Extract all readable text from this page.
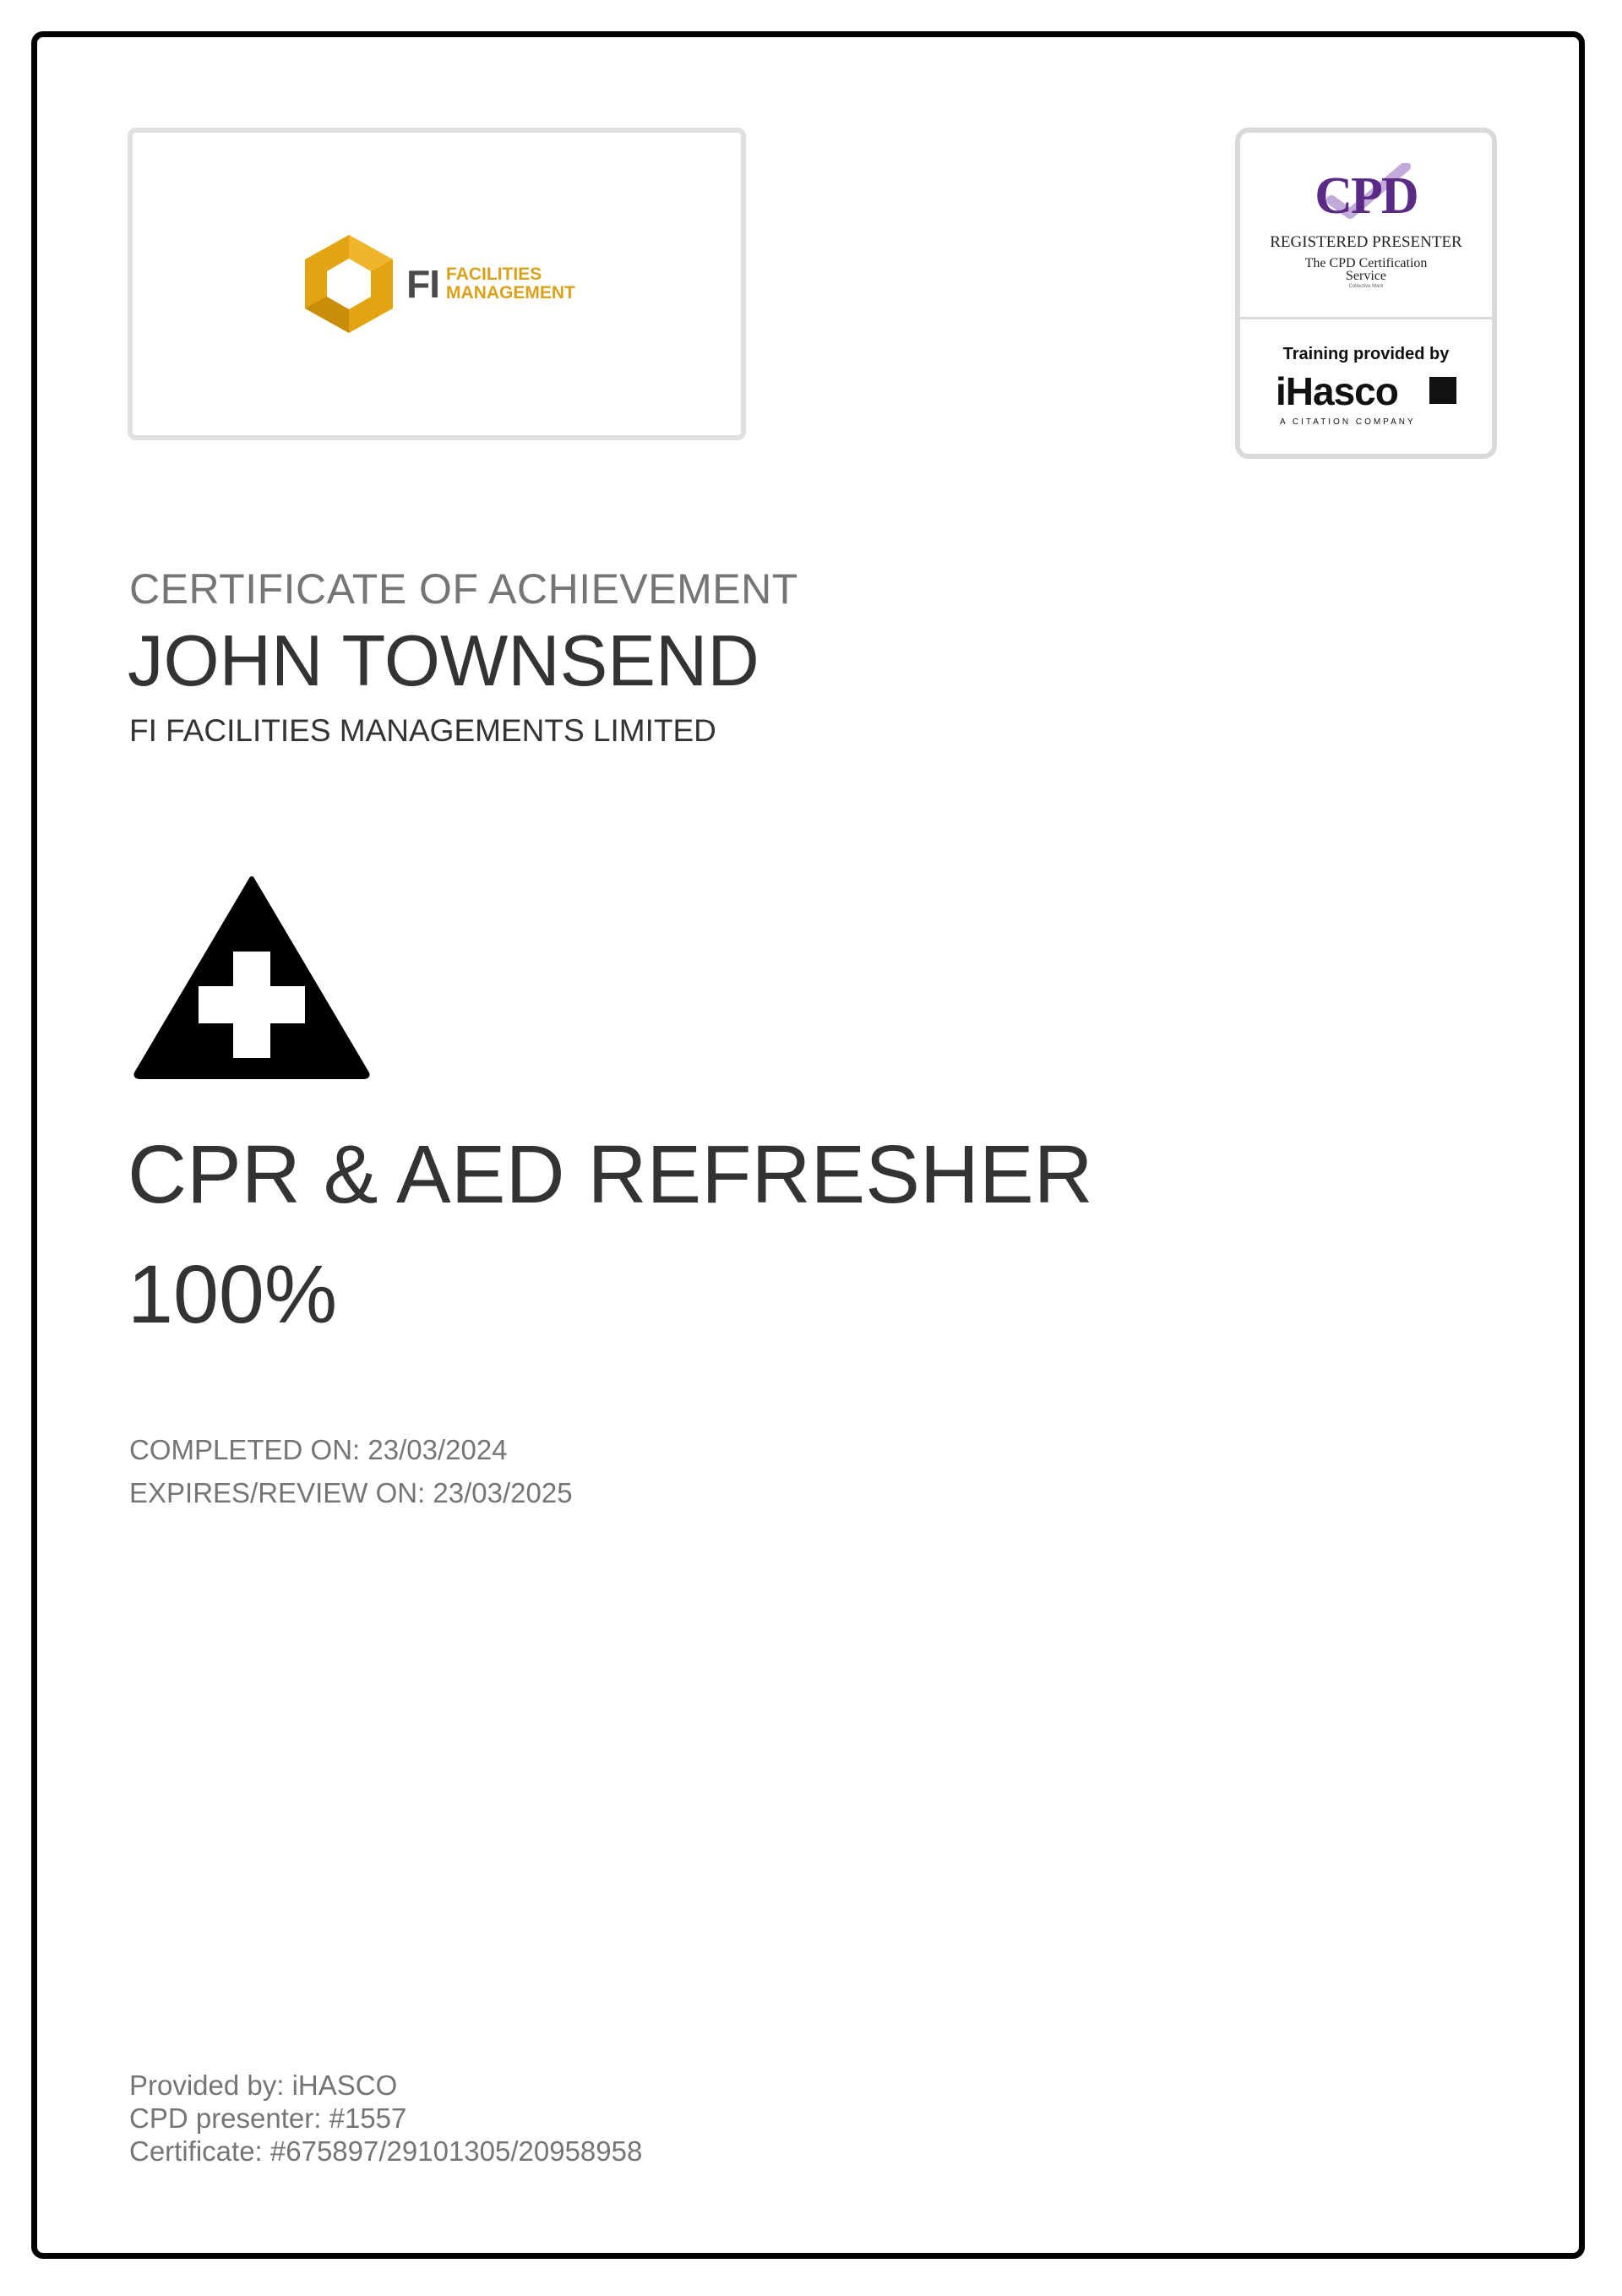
FI FACILITIES
MANAGEMENT
CPD
REGISTERED PRESENTER
The CPD Certification
Service
Collective Mark
Training provided by
iHasco
A CITATION COMPANY
CERTIFICATE OF ACHIEVEMENT
JOHN TOWNSEND
FI FACILITIES MANAGEMENTS LIMITED
CPR & AED REFRESHER
100%
COMPLETED ON: 23/03/2024
EXPIRES/REVIEW ON: 23/03/2025
Provided by: iHASCO
CPD presenter: #1557
Certificate: #675897/29101305/20958958
